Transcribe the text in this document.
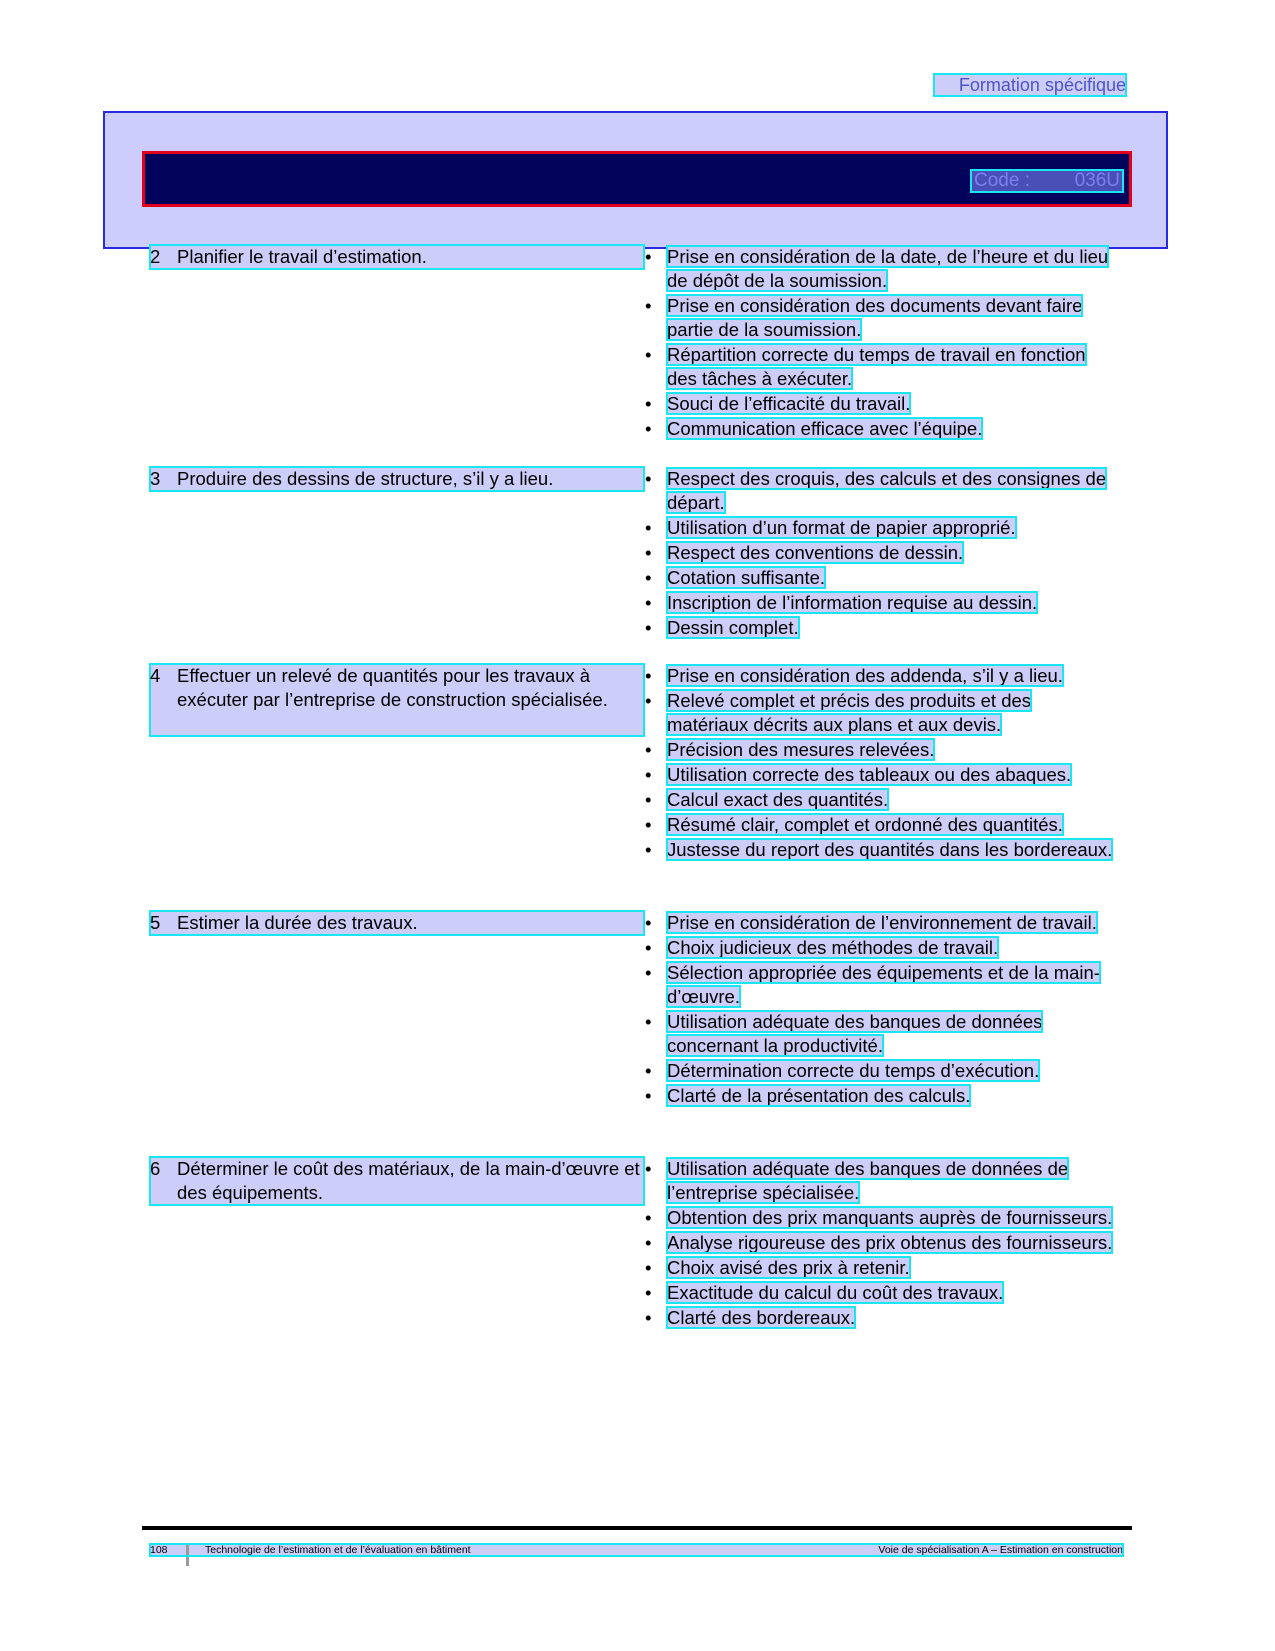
Formation spécifique
Code : 036U
2 Planifier le travail d’estimation.	• Prise en considération de la date, de l’heure et du lieu de dépôt de la soumission.
• Prise en considération des documents devant faire partie de la soumission.
• Répartition correcte du temps de travail en fonction des tâches à exécuter.
• Souci de l’efficacité du travail.
• Communication efficace avec l’équipe.
3 Produire des dessins de structure, s’il y a lieu.	• Respect des croquis, des calculs et des consignes de départ.
• Utilisation d’un format de papier approprié.
• Respect des conventions de dessin.
• Cotation suffisante.
• Inscription de l’information requise au dessin.
• Dessin complet.
4 Effectuer un relevé de quantités pour les travaux à exécuter par l’entreprise de construction spécialisée.
• Prise en considération des addenda, s’il y a lieu.
• Relevé complet et précis des produits et des matériaux décrits aux plans et aux devis.
• Précision des mesures relevées.
• Utilisation correcte des tableaux ou des abaques.
• Calcul exact des quantités.
• Résumé clair, complet et ordonné des quantités.
• Justesse du report des quantités dans les bordereaux.
5 Estimer la durée des travaux.	• Prise en considération de l’environnement de travail.
• Choix judicieux des méthodes de travail.
• Sélection appropriée des équipements et de la main-d’œuvre.
• Utilisation adéquate des banques de données concernant la productivité.
• Détermination correcte du temps d’exécution.
• Clarté de la présentation des calculs.
6 Déterminer le coût des matériaux, de la main-d’œuvre et des équipements.
• Utilisation adéquate des banques de données de l’entreprise spécialisée.
• Obtention des prix manquants auprès de fournisseurs.
• Analyse rigoureuse des prix obtenus des fournisseurs.
• Choix avisé des prix à retenir.
• Exactitude du calcul du coût des travaux.
• Clarté des bordereaux.
108	Technologie de l’estimation et de l’évaluation en bâtiment	Voie de spécialisation A – Estimation en construction
